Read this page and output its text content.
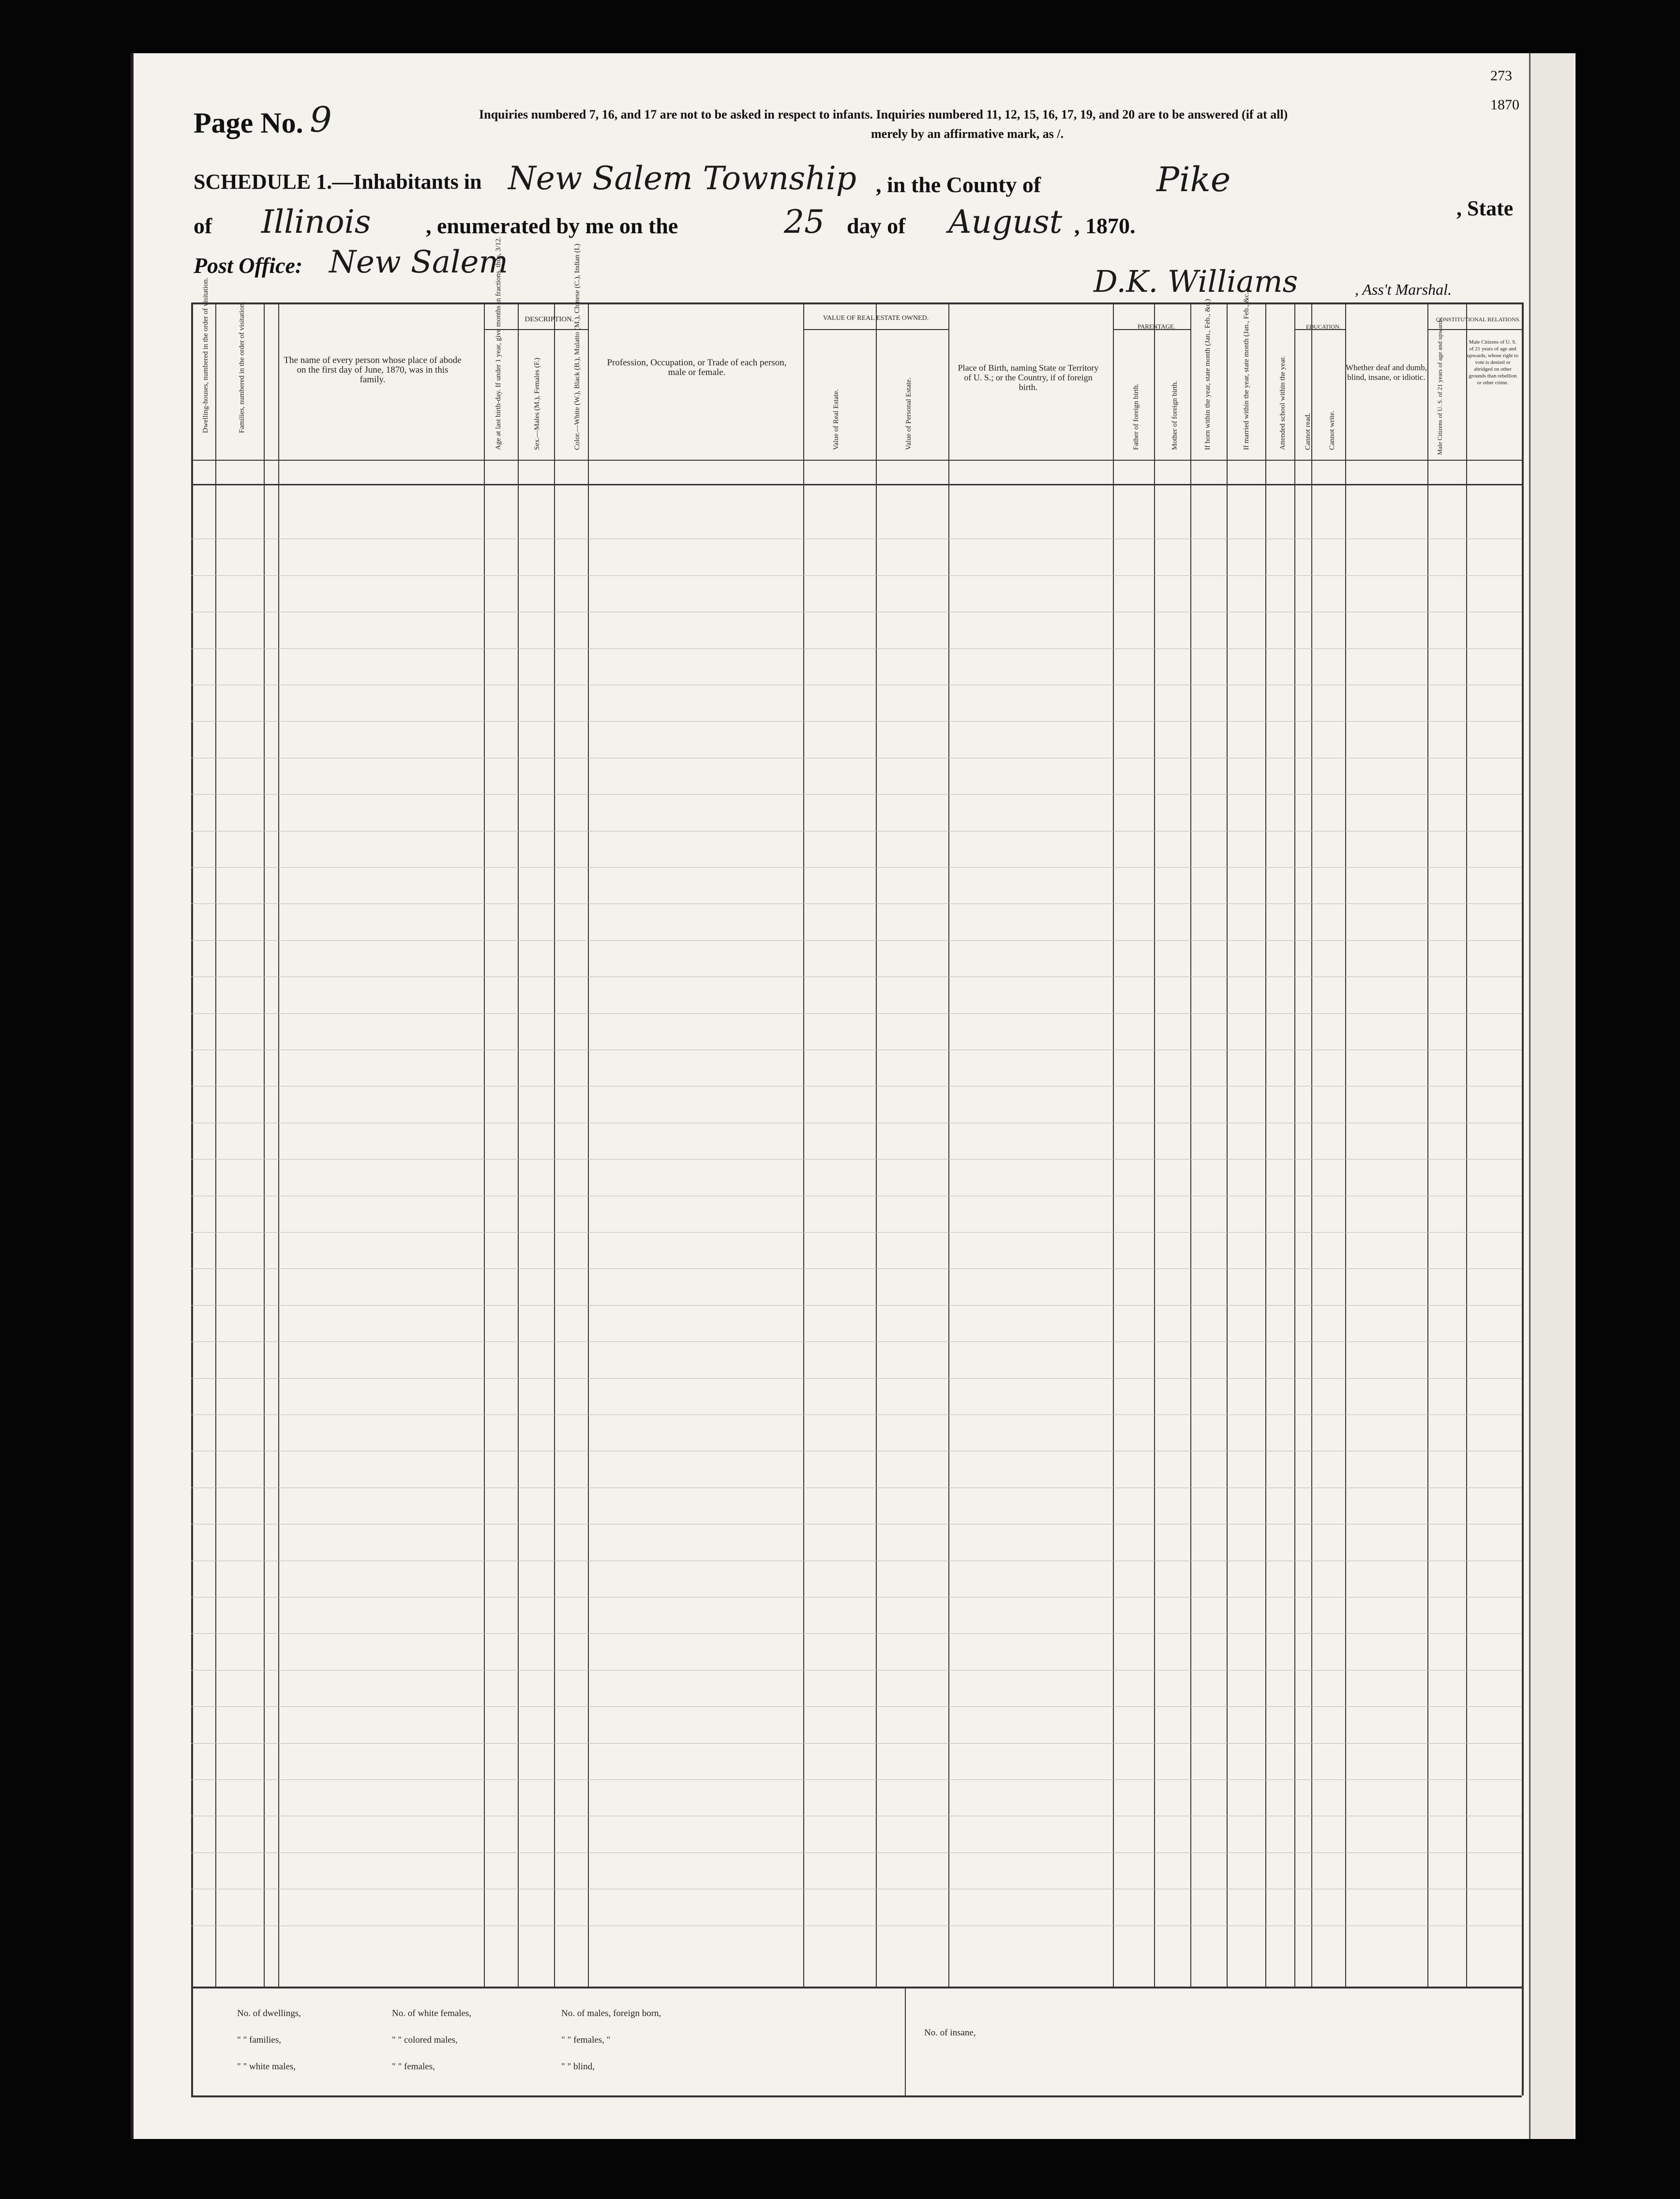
Page No. 9	Inquiries numbered 7, 16, and 17 are not to be asked in respect to infants. Inquiries numbered 11, 12, 15, 16, 17, 19, and 20 are to be answered (if at all)
merely by an affirmative mark, as /.
SCHEDULE 1.—Inhabitants in New Salem Township , in the County of	Pike
, State
of Illinois , enumerated by me on the	25 day of August , 1870.
Post Office: New Salem
D.K. Williams	, Ass't Marshal.
273
1870
Dwelling-houses, numbered in the order of visitation.	Families, numbered in the order of visitation.	The name of every person whose place of abode on the first day of June, 1870, was in this family.
DESCRIPTION.
Age at last birth-day. If under 1 year, give months in fractions, thus, 3/12.	Sex.—Males (M.), Females (F.)	Color.—White (W.), Black (B.), Mulatto (M.), Chinese (C.), Indian (I.)	Profession, Occupation, or Trade of each person, male or female.
VALUE OF REAL ESTATE OWNED.
Value of Real Estate.	Value of Personal Estate.
Place of Birth, naming State or Territory of U. S.; or the Country, if of foreign birth.
PARENTAGE.
Father of foreign birth.	Mother of foreign birth.	If born within the year, state month (Jan., Feb., &c.)	If married within the year, state month (Jan., Feb., &c.)	Attended school within the year.
EDUCATION.
Cannot read. Cannot write.
Whether deaf and dumb, blind, insane, or idiotic.
CONSTITUTIONAL RELATIONS.
Male Citizens of U. S. of 21 years of age and upwards.	Male Citizens of U. S. of 21 years of age and upwards, whose right to vote is denied or abridged on other grounds than rebellion or other crime.
No. of dwellings,	No. of white females,	No. of males, foreign born,
" " families,	" " colored males,	" " females, "
" " white males,	" " females,	" " blind,
No. of insane,
